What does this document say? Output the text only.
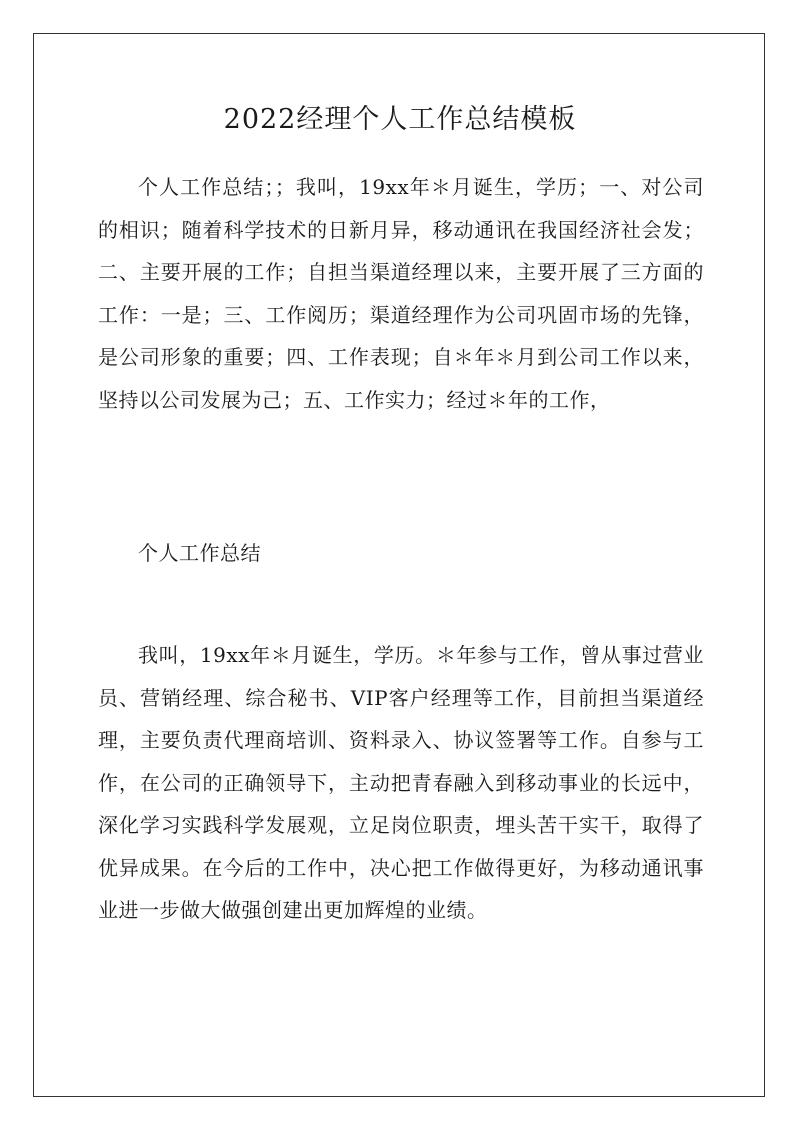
2022经理个人工作总结模板

个人工作总结；；我叫，19xx年＊月诞生，学历；一、对公司的相识；随着科学技术的日新月异，移动通讯在我国经济社会发；二、主要开展的工作；自担当渠道经理以来，主要开展了三方面的工作：一是；三、工作阅历；渠道经理作为公司巩固市场的先锋，是公司形象的重要；四、工作表现；自＊年＊月到公司工作以来，坚持以公司发展为己；五、工作实力；经过＊年的工作，

个人工作总结

我叫，19xx年＊月诞生，学历。＊年参与工作，曾从事过营业员、营销经理、综合秘书、VIP客户经理等工作，目前担当渠道经理，主要负责代理商培训、资料录入、协议签署等工作。自参与工作，在公司的正确领导下，主动把青春融入到移动事业的长远中，深化学习实践科学发展观，立足岗位职责，埋头苦干实干，取得了优异成果。在今后的工作中，决心把工作做得更好，为移动通讯事业进一步做大做强创建出更加辉煌的业绩。
